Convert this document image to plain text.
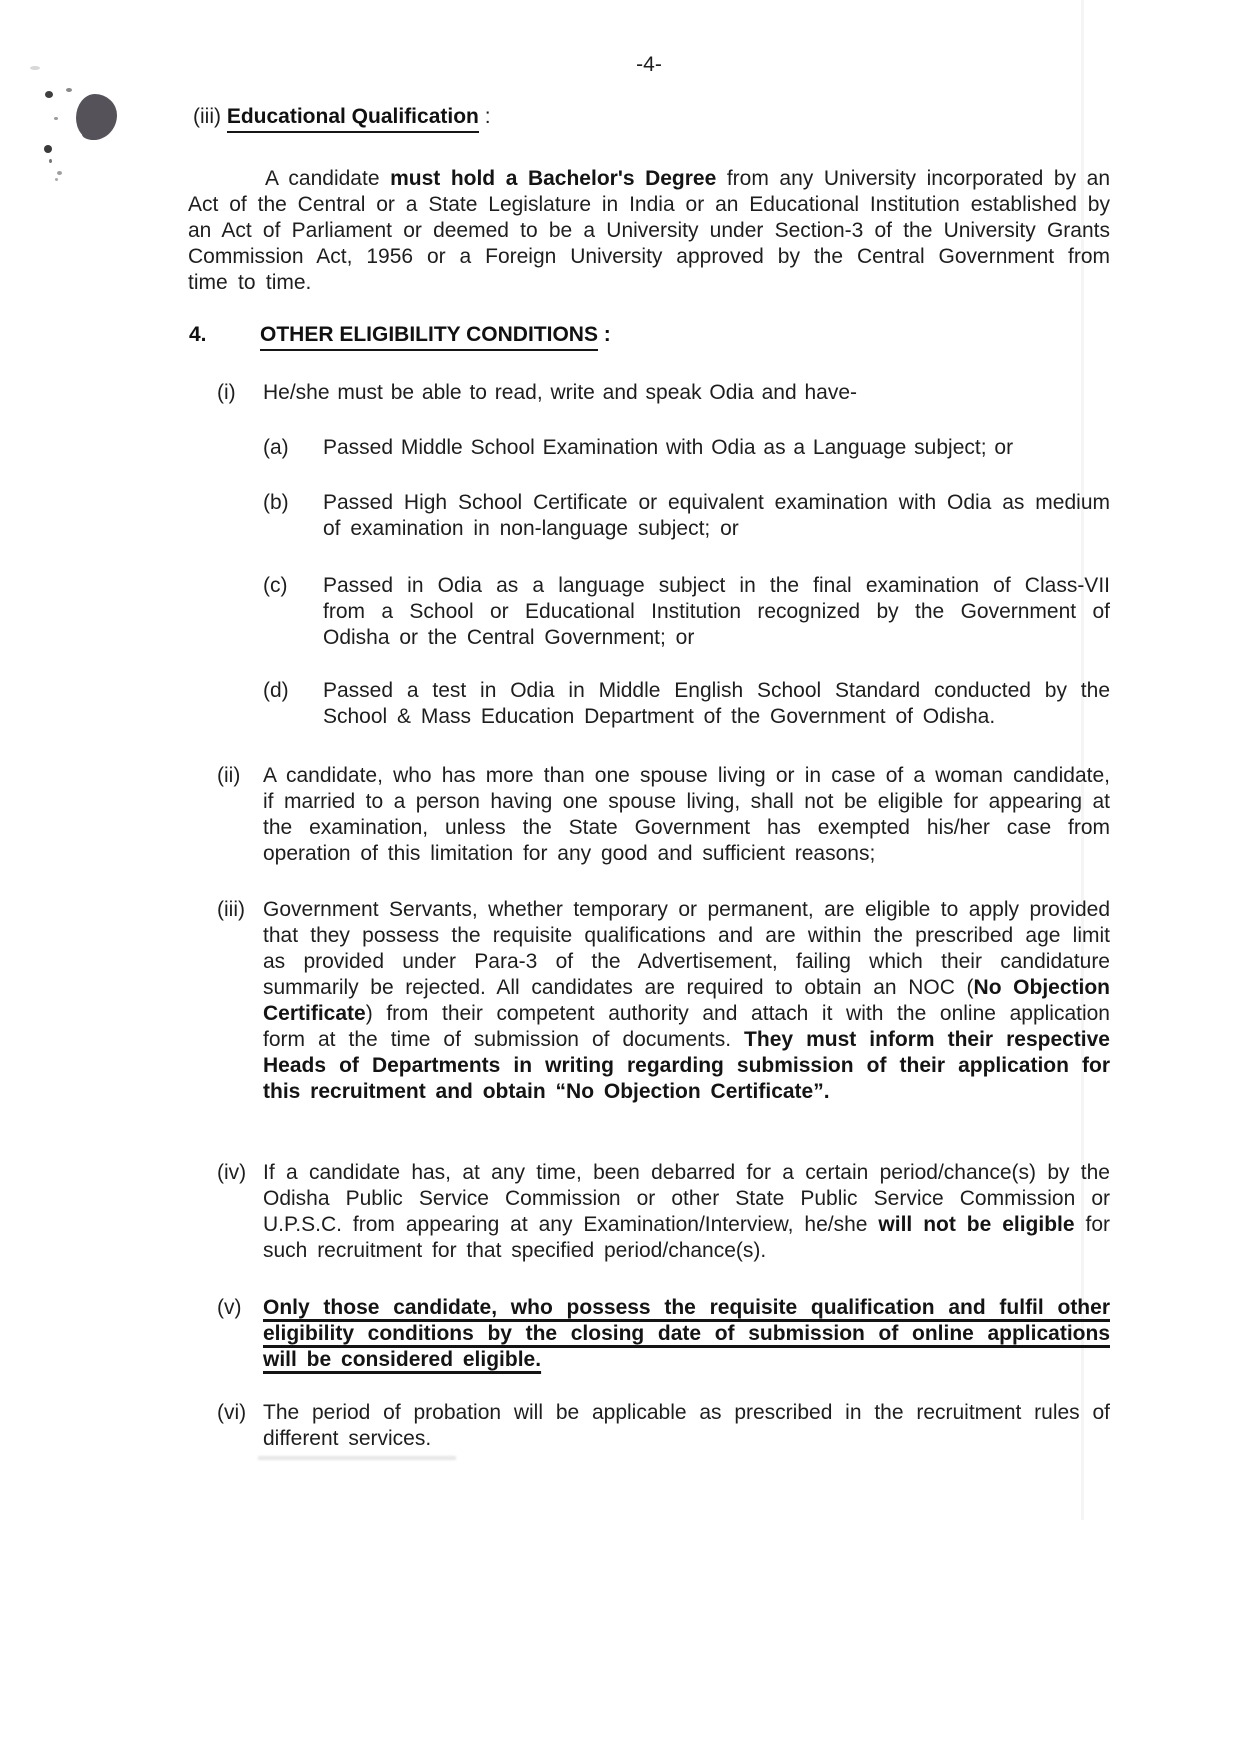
-4-
(iii) Educational Qualification :
A candidate must hold a Bachelor's Degree from any University incorporated by an Act of the Central or a State Legislature in India or an Educational Institution established by an Act of Parliament or deemed to be a University under Section-3 of the University Grants Commission Act, 1956 or a Foreign University approved by the Central Government from time to time.
4.	OTHER ELIGIBILITY CONDITIONS :
(i) He/she must be able to read, write and speak Odia and have-
(a) Passed Middle School Examination with Odia as a Language subject; or
(b) Passed High School Certificate or equivalent examination with Odia as medium of examination in non-language subject; or
(c) Passed in Odia as a language subject in the final examination of Class-VII from a School or Educational Institution recognized by the Government of Odisha or the Central Government; or
(d) Passed a test in Odia in Middle English School Standard conducted by the School & Mass Education Department of the Government of Odisha.
(ii) A candidate, who has more than one spouse living or in case of a woman candidate, if married to a person having one spouse living, shall not be eligible for appearing at the examination, unless the State Government has exempted his/her case from operation of this limitation for any good and sufficient reasons;
(iii) Government Servants, whether temporary or permanent, are eligible to apply provided that they possess the requisite qualifications and are within the prescribed age limit as provided under Para-3 of the Advertisement, failing which their candidature summarily be rejected. All candidates are required to obtain an NOC (No Objection Certificate) from their competent authority and attach it with the online application form at the time of submission of documents. They must inform their respective Heads of Departments in writing regarding submission of their application for this recruitment and obtain “No Objection Certificate”.
(iv) If a candidate has, at any time, been debarred for a certain period/chance(s) by the Odisha Public Service Commission or other State Public Service Commission or U.P.S.C. from appearing at any Examination/Interview, he/she will not be eligible for such recruitment for that specified period/chance(s).
(v) Only those candidate, who possess the requisite qualification and fulfil other eligibility conditions by the closing date of submission of online applications will be considered eligible.
(vi) The period of probation will be applicable as prescribed in the recruitment rules of different services.
